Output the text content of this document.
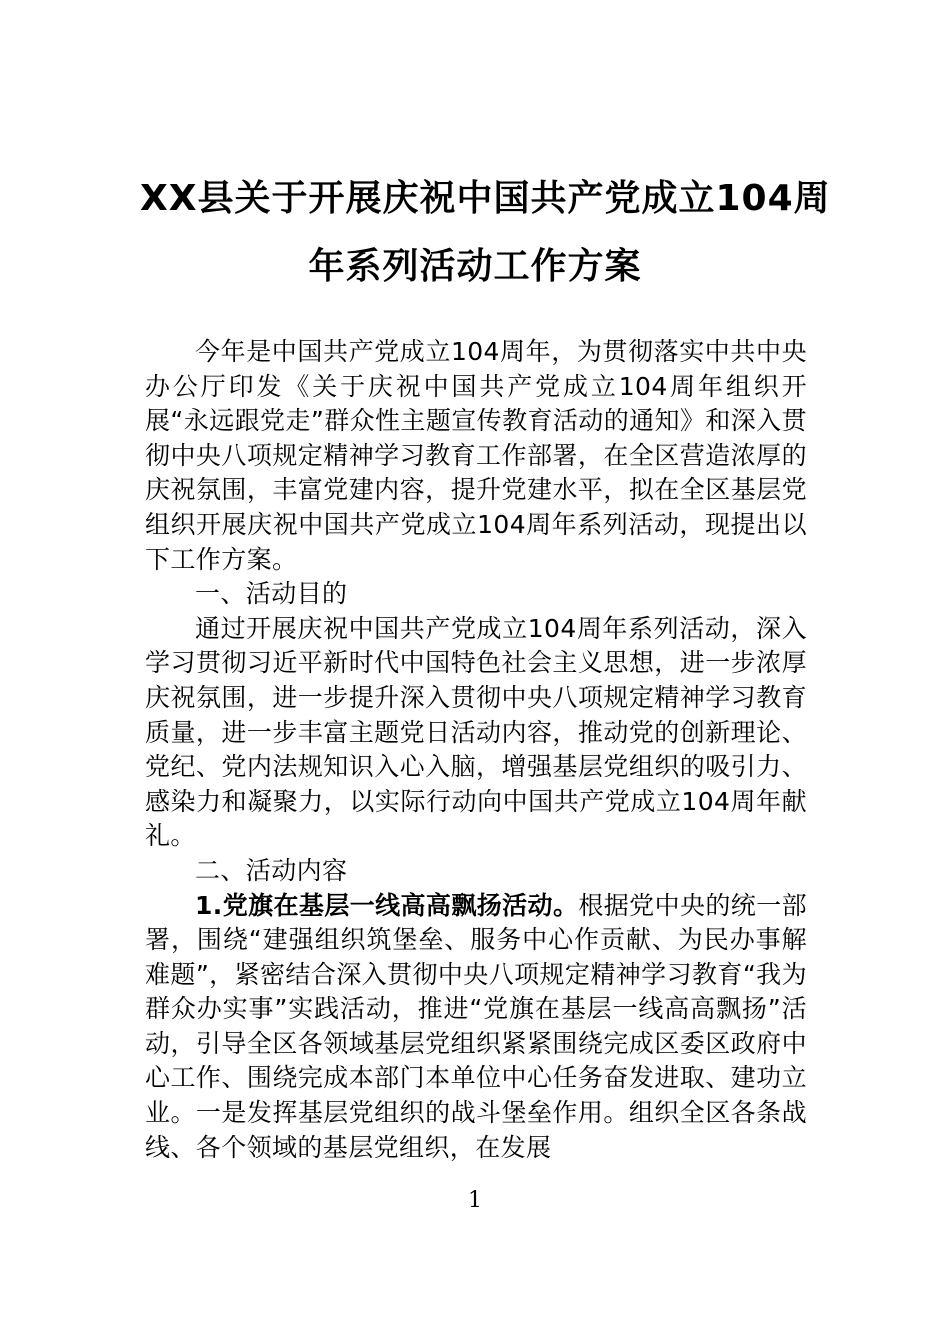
XX县关于开展庆祝中国共产党成立104周
年系列活动工作方案

今年是中国共产党成立104周年，为贯彻落实中共中央办公厅印发《关于庆祝中国共产党成立104周年组织开展“永远跟党走”群众性主题宣传教育活动的通知》和深入贯彻中央八项规定精神学习教育工作部署，在全区营造浓厚的庆祝氛围，丰富党建内容，提升党建水平，拟在全区基层党组织开展庆祝中国共产党成立104周年系列活动，现提出以下工作方案。

一、活动目的

通过开展庆祝中国共产党成立104周年系列活动，深入学习贯彻习近平新时代中国特色社会主义思想，进一步浓厚庆祝氛围，进一步提升深入贯彻中央八项规定精神学习教育质量，进一步丰富主题党日活动内容，推动党的创新理论、党纪、党内法规知识入心入脑，增强基层党组织的吸引力、感染力和凝聚力，以实际行动向中国共产党成立104周年献礼。

二、活动内容

1.党旗在基层一线高高飘扬活动。根据党中央的统一部署，围绕“建强组织筑堡垒、服务中心作贡献、为民办事解难题”，紧密结合深入贯彻中央八项规定精神学习教育“我为群众办实事”实践活动，推进“党旗在基层一线高高飘扬”活动，引导全区各领域基层党组织紧紧围绕完成区委区政府中心工作、围绕完成本部门本单位中心任务奋发进取、建功立业。一是发挥基层党组织的战斗堡垒作用。组织全区各条战线、各个领域的基层党组织，在发展

1
